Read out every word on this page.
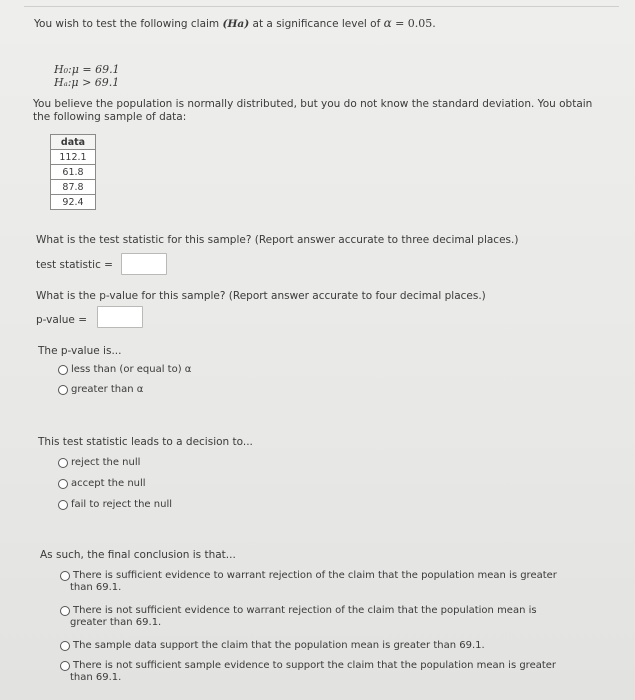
You wish to test the following claim (Ha) at a significance level of α = 0.05.
H₀:μ = 69.1
Hₐ:μ > 69.1
You believe the population is normally distributed, but you do not know the standard deviation. You obtain
the following sample of data:
data
112.1
61.8
87.8
92.4
What is the test statistic for this sample? (Report answer accurate to three decimal places.)
test statistic =
What is the p-value for this sample? (Report answer accurate to four decimal places.)
p-value =
The p-value is...
less than (or equal to) α
greater than α
This test statistic leads to a decision to...
reject the null
accept the null
fail to reject the null
As such, the final conclusion is that...
There is sufficient evidence to warrant rejection of the claim that the population mean is greater
than 69.1.
There is not sufficient evidence to warrant rejection of the claim that the population mean is
greater than 69.1.
The sample data support the claim that the population mean is greater than 69.1.
There is not sufficient sample evidence to support the claim that the population mean is greater
than 69.1.
